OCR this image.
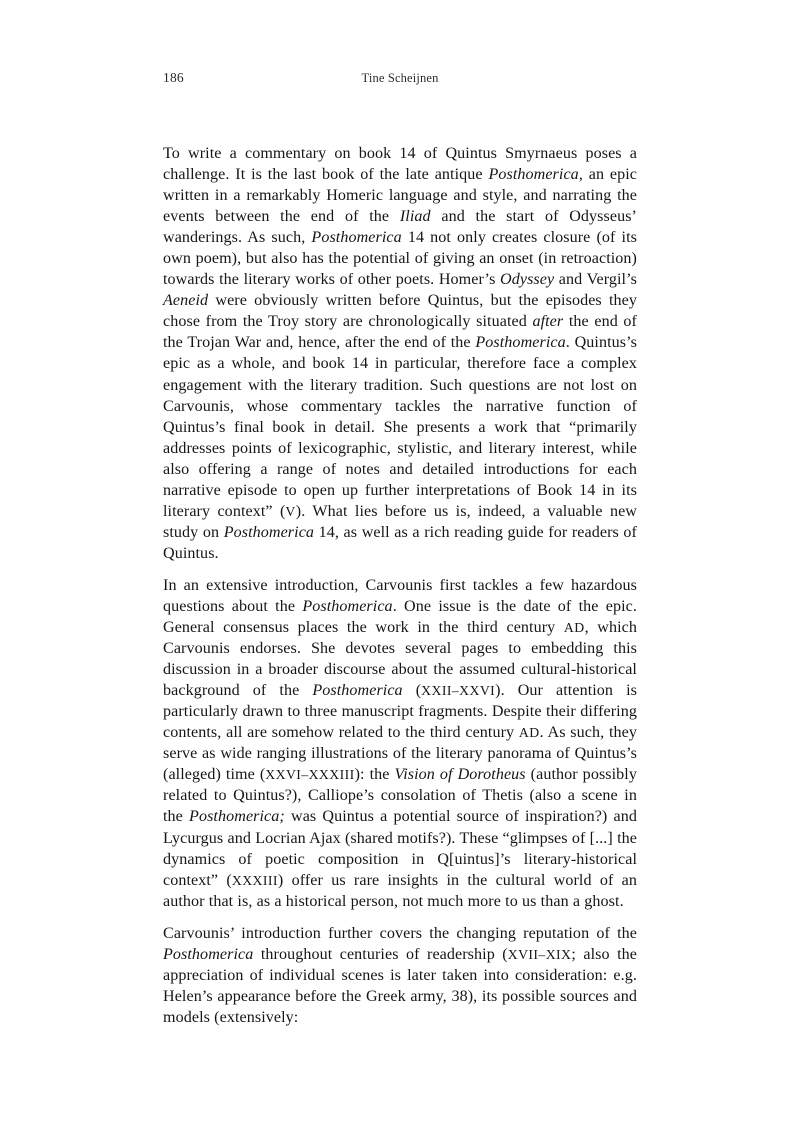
186	Tine Scheijnen

To write a commentary on book 14 of Quintus Smyrnaeus poses a challenge. It is the last book of the late antique Posthomerica, an epic written in a remarkably Homeric language and style, and narrating the events between the end of the Iliad and the start of Odysseus’ wanderings. As such, Posthomerica 14 not only creates closure (of its own poem), but also has the potential of giving an onset (in retroaction) towards the literary works of other poets. Homer’s Odyssey and Vergil’s Aeneid were obviously written before Quintus, but the episodes they chose from the Troy story are chronologically situated after the end of the Trojan War and, hence, after the end of the Posthomerica. Quintus’s epic as a whole, and book 14 in particular, therefore face a complex engagement with the literary tradition. Such questions are not lost on Carvounis, whose commentary tackles the narrative function of Quintus’s final book in detail. She presents a work that “primarily addresses points of lexicographic, stylistic, and literary interest, while also offering a range of notes and detailed introductions for each narrative episode to open up further interpretations of Book 14 in its literary context” (V). What lies before us is, indeed, a valuable new study on Posthomerica 14, as well as a rich reading guide for readers of Quintus.

In an extensive introduction, Carvounis first tackles a few hazardous questions about the Posthomerica. One issue is the date of the epic. General consensus places the work in the third century AD, which Carvounis endorses. She devotes several pages to embedding this discussion in a broader discourse about the assumed cultural-historical background of the Posthomerica (XXII–XXVI). Our attention is particularly drawn to three manuscript fragments. Despite their differing contents, all are somehow related to the third century AD. As such, they serve as wide ranging illustrations of the literary panorama of Quintus’s (alleged) time (XXVI–XXXIII): the Vision of Dorotheus (author possibly related to Quintus?), Calliope’s consolation of Thetis (also a scene in the Posthomerica; was Quintus a potential source of inspiration?) and Lycurgus and Locrian Ajax (shared motifs?). These “glimpses of [...] the dynamics of poetic composition in Q[uintus]’s literary-historical context” (XXXIII) offer us rare insights in the cultural world of an author that is, as a historical person, not much more to us than a ghost.

Carvounis’ introduction further covers the changing reputation of the Posthomerica throughout centuries of readership (XVII–XIX; also the appreciation of individual scenes is later taken into consideration: e.g. Helen’s appearance before the Greek army, 38), its possible sources and models (extensively:
